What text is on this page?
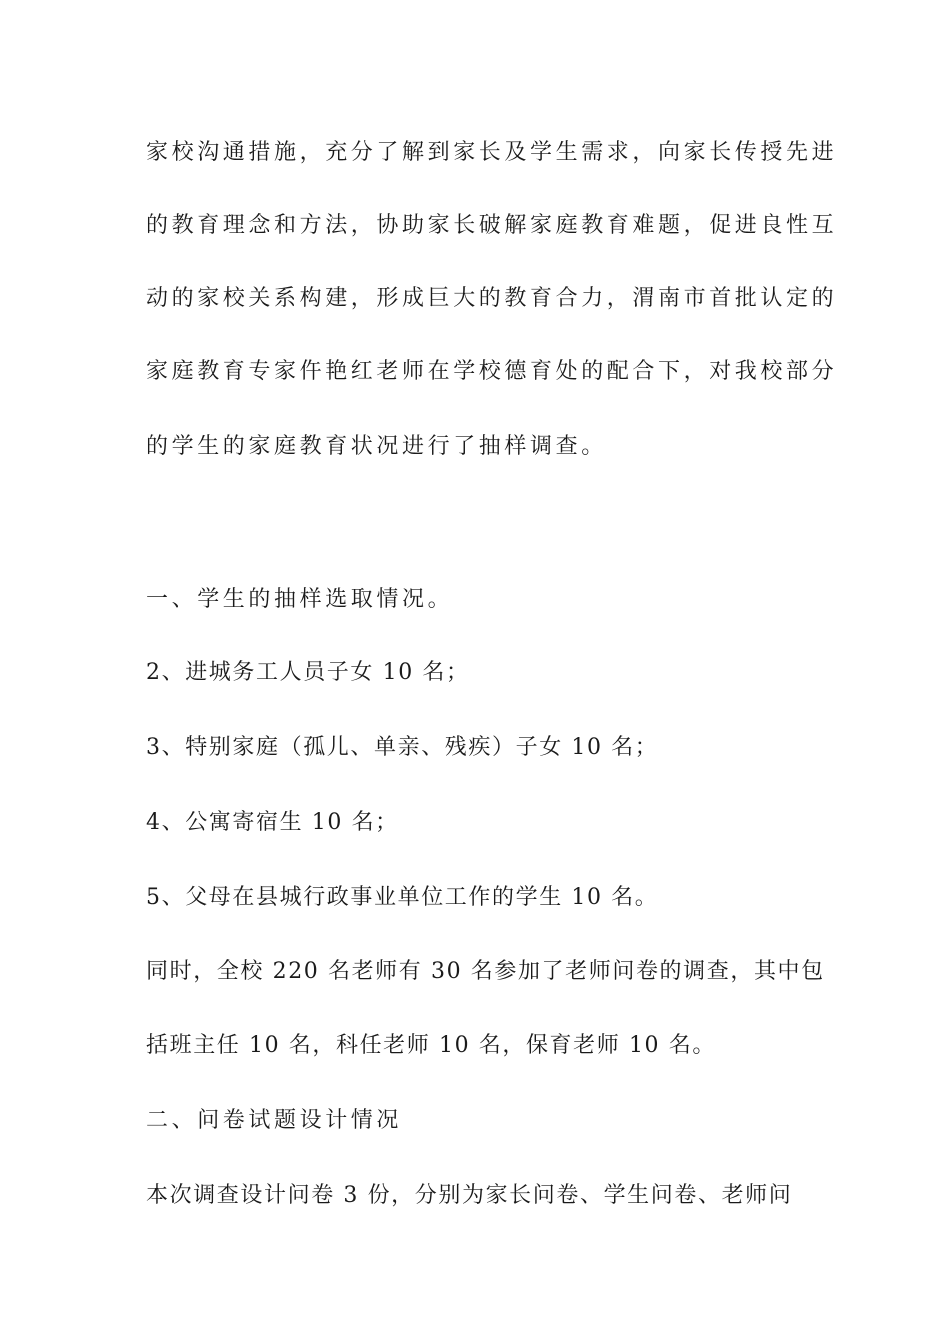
家校沟通措施，充分了解到家长及学生需求，向家长传授先进
的教育理念和方法，协助家长破解家庭教育难题，促进良性互
动的家校关系构建，形成巨大的教育合力，渭南市首批认定的
家庭教育专家仵艳红老师在学校德育处的配合下，对我校部分
的学生的家庭教育状况进行了抽样调查。
一、学生的抽样选取情况。
2、进城务工人员子女 10 名；
3、特别家庭（孤儿、单亲、残疾）子女 10 名；
4、公寓寄宿生 10 名；
5、父母在县城行政事业单位工作的学生 10 名。
同时，全校 220 名老师有 30 名参加了老师问卷的调查，其中包
括班主任 10 名，科任老师 10 名，保育老师 10 名。
二、问卷试题设计情况
本次调查设计问卷 3 份，分别为家长问卷、学生问卷、老师问
